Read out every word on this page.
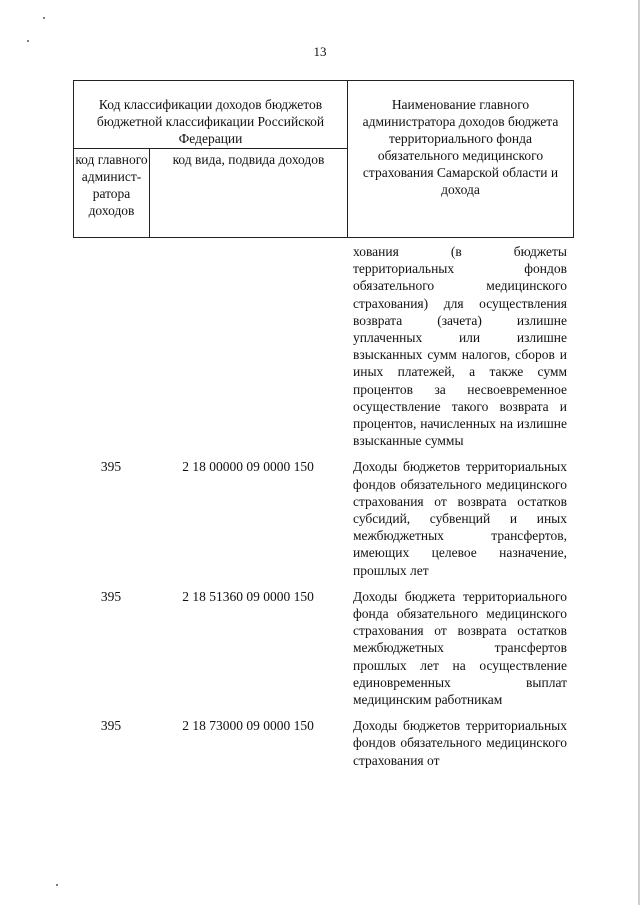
13
Код классификации доходов бюджетов бюджетной классификации Российской Федерации		Наименование главного администратора доходов бюджета территориального фонда обязательного медицинского страхования Самарской области и дохода
код главного админист-ратора доходов	код вида, подвида доходов	

		хования (в бюджеты территориальных фондов обязательного медицинского страхования) для осуществления возврата (зачета) излишне уплаченных или излишне взысканных сумм налогов, сборов и иных платежей, а также сумм процентов за несвоевременное осуществление такого возврата и процентов, начисленных на излишне взысканные суммы

395	2 18 00000 09 0000 150	Доходы бюджетов территориальных фондов обязательного медицинского страхования от возврата остатков субсидий, субвенций и иных межбюджетных трансфертов, имеющих целевое назначение, прошлых лет

395	2 18 51360 09 0000 150	Доходы бюджета территориального фонда обязательного медицинского страхования от возврата остатков межбюджетных трансфертов прошлых лет на осуществление единовременных выплат медицинским работникам

395	2 18 73000 09 0000 150	Доходы бюджетов территориальных фондов обязательного медицинского страхования от
